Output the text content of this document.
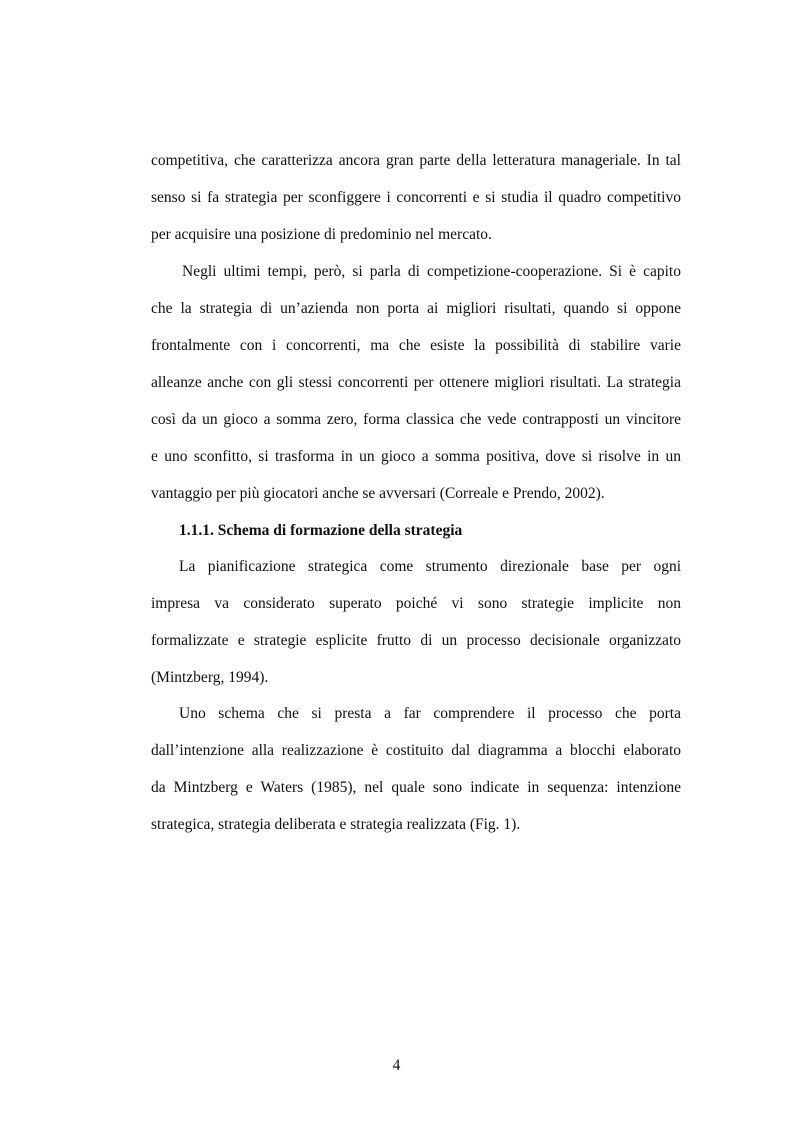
competitiva, che caratterizza ancora gran parte della letteratura manageriale. In tal
senso si fa strategia per sconfiggere i concorrenti e si studia il quadro competitivo
per acquisire una posizione di predominio nel mercato.
Negli ultimi tempi, però, si parla di competizione-cooperazione. Si è capito
che la strategia di un’azienda non porta ai migliori risultati, quando si oppone
frontalmente con i concorrenti, ma che esiste la possibilità di stabilire varie
alleanze anche con gli stessi concorrenti per ottenere migliori risultati. La strategia
così da un gioco a somma zero, forma classica che vede contrapposti un vincitore
e uno sconfitto, si trasforma in un gioco a somma positiva, dove si risolve in un
vantaggio per più giocatori anche se avversari (Correale e Prendo, 2002).
1.1.1. Schema di formazione della strategia
La pianificazione strategica come strumento direzionale base per ogni
impresa va considerato superato poiché vi sono strategie implicite non
formalizzate e strategie esplicite frutto di un processo decisionale organizzato
(Mintzberg, 1994).
Uno schema che si presta a far comprendere il processo che porta
dall’intenzione alla realizzazione è costituito dal diagramma a blocchi elaborato
da Mintzberg e Waters (1985), nel quale sono indicate in sequenza: intenzione
strategica, strategia deliberata e strategia realizzata (Fig. 1).
4
